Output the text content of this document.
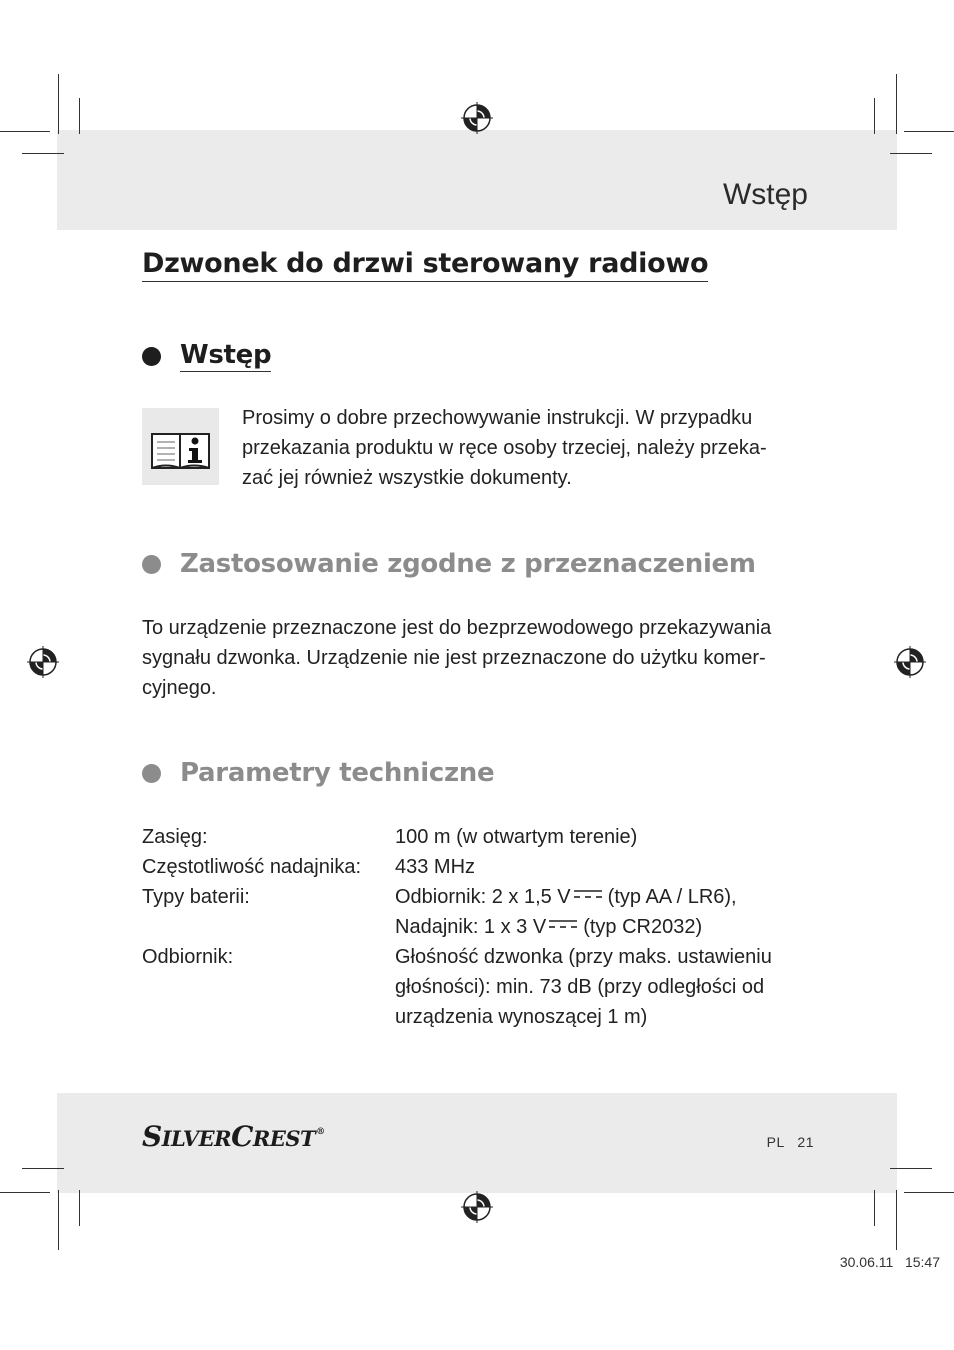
Wstęp
Dzwonek do drzwi sterowany radiowo
Wstęp
Prosimy o dobre przechowywanie instrukcji. W przypadku
przekazania produktu w ręce osoby trzeciej, należy przeka-
zać jej również wszystkie dokumenty.
Zastosowanie zgodne z przeznaczeniem
To urządzenie przeznaczone jest do bezprzewodowego przekazywania
sygnału dzwonka. Urządzenie nie jest przeznaczone do użytku komer-
cyjnego.
Parametry techniczne
Zasięg:	100 m (w otwartym terenie)
Częstotliwość nadajnika:	433 MHz
Typy baterii:	Odbiornik: 2 x 1,5 V (typ AA / LR6),
Nadajnik: 1 x 3 V (typ CR2032)
Odbiornik:	Głośność dzwonka (przy maks. ustawieniu
głośności): min. 73 dB (przy odległości od
urządzenia wynoszącej 1 m)
SILVERCREST®
PL   21
30.06.11   15:47
